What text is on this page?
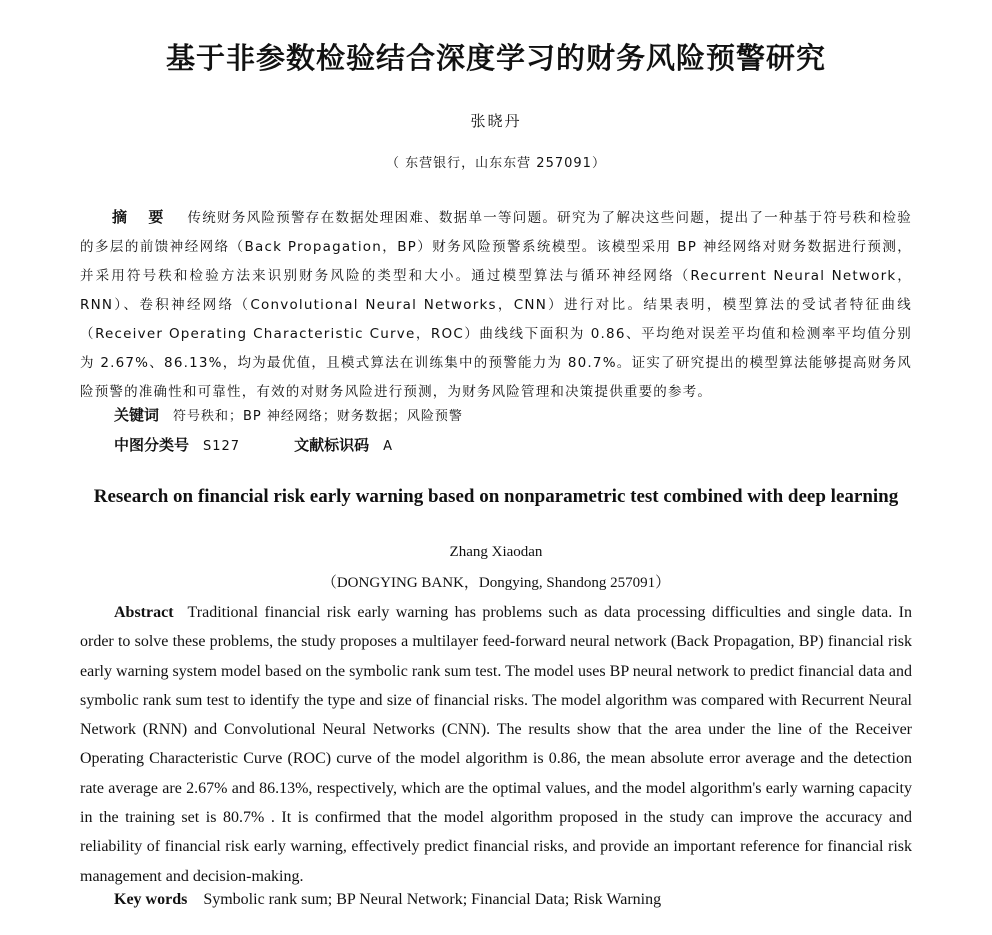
基于非参数检验结合深度学习的财务风险预警研究
张晓丹
（ 东营银行，山东东营 257091）
摘 要 传统财务风险预警存在数据处理困难、数据单一等问题。研究为了解决这些问题，提出了一种基于符号秩和检验的多层的前馈神经网络（Back Propagation，BP）财务风险预警系统模型。该模型采用 BP 神经网络对财务数据进行预测，并采用符号秩和检验方法来识别财务风险的类型和大小。通过模型算法与循环神经网络（Recurrent Neural Network，RNN）、卷积神经网络（Convolutional Neural Networks，CNN）进行对比。结果表明，模型算法的受试者特征曲线（Receiver Operating Characteristic Curve，ROC）曲线线下面积为 0.86、平均绝对误差平均值和检测率平均值分别为 2.67%、86.13%，均为最优值，且模式算法在训练集中的预警能力为 80.7%。证实了研究提出的模型算法能够提高财务风险预警的准确性和可靠性，有效的对财务风险进行预测，为财务风险管理和决策提供重要的参考。
关键词 符号秩和；BP 神经网络；财务数据；风险预警
中图分类号 S127	文献标识码 A
Research on financial risk early warning based on nonparametric test combined with deep learning
Zhang Xiaodan
（DONGYING BANK，Dongying, Shandong 257091）
Abstract Traditional financial risk early warning has problems such as data processing difficulties and single data. In order to solve these problems, the study proposes a multilayer feed-forward neural network (Back Propagation, BP) financial risk early warning system model based on the symbolic rank sum test. The model uses BP neural network to predict financial data and symbolic rank sum test to identify the type and size of financial risks. The model algorithm was compared with Recurrent Neural Network (RNN) and Convolutional Neural Networks (CNN). The results show that the area under the line of the Receiver Operating Characteristic Curve (ROC) curve of the model algorithm is 0.86, the mean absolute error average and the detection rate average are 2.67% and 86.13%, respectively, which are the optimal values, and the model algorithm's early warning capacity in the training set is 80.7% . It is confirmed that the model algorithm proposed in the study can improve the accuracy and reliability of financial risk early warning, effectively predict financial risks, and provide an important reference for financial risk management and decision-making.
Key words Symbolic rank sum; BP Neural Network; Financial Data; Risk Warning
